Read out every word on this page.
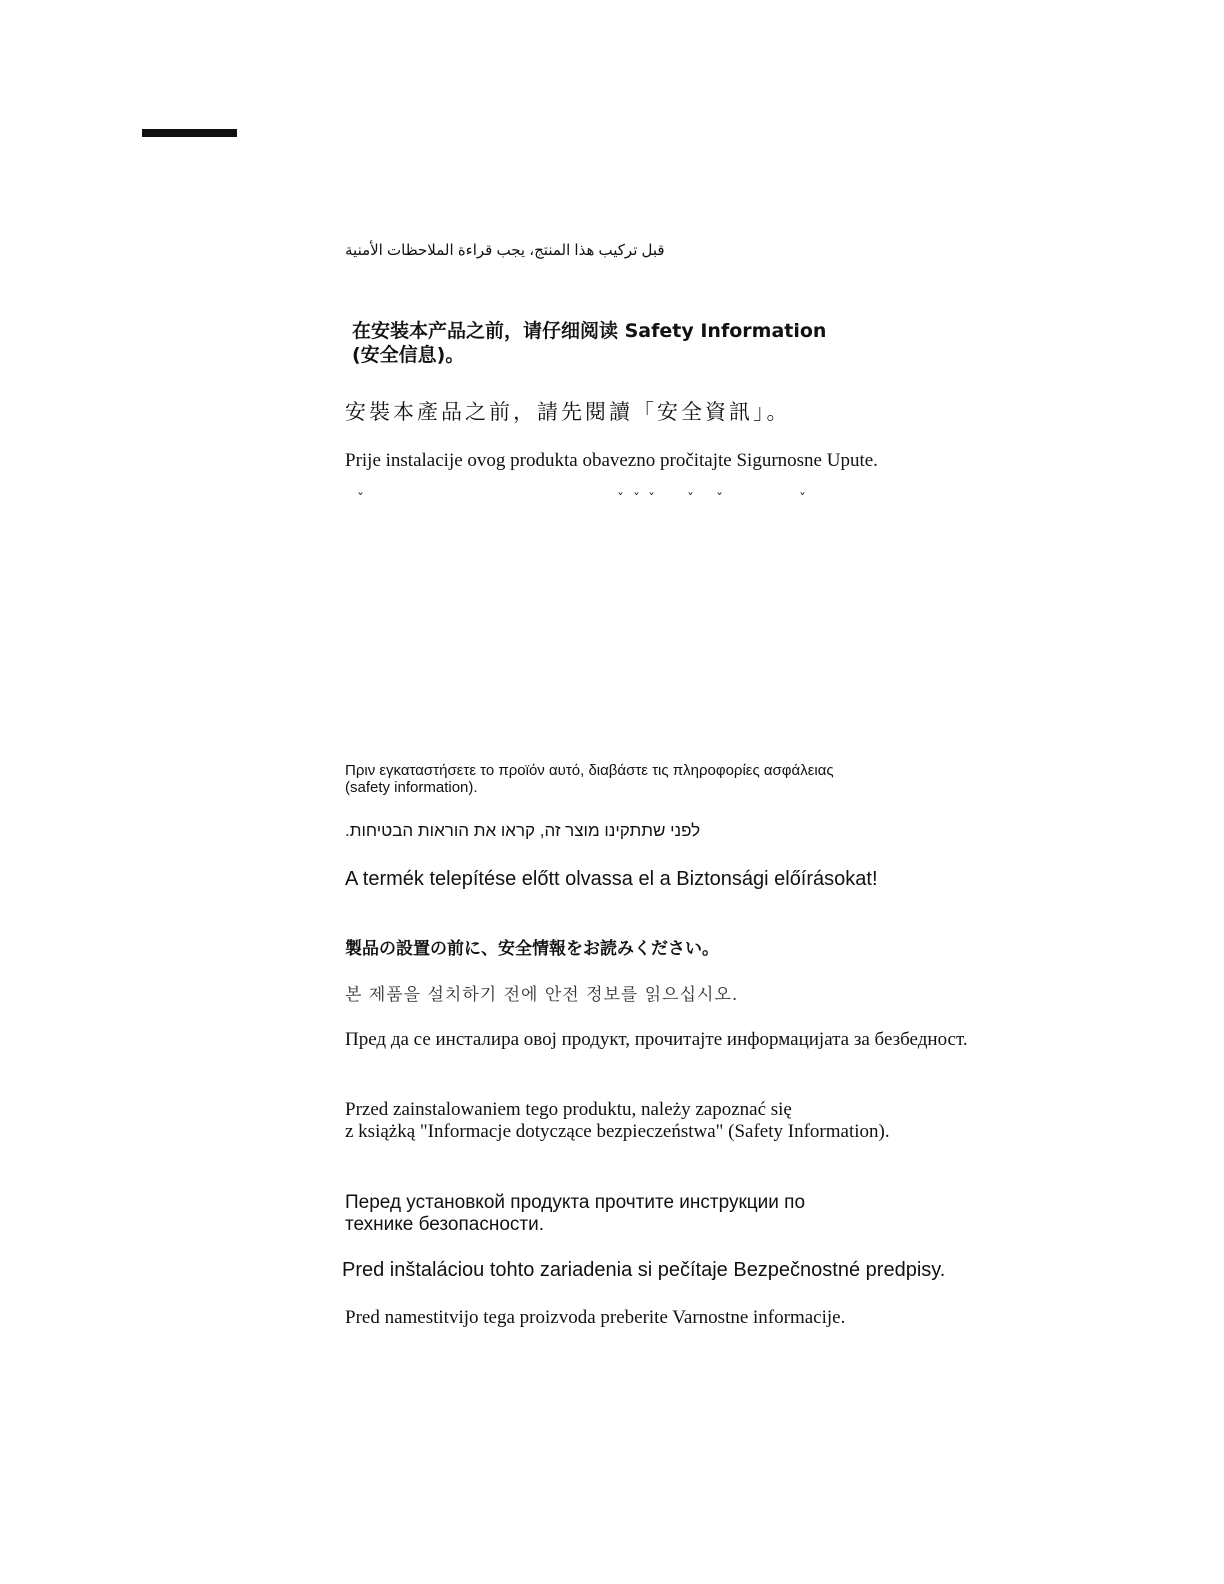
قبل تركيب هذا المنتج، يجب قراءة الملاحظات الأمنية
在安装本产品之前，请仔细阅读 Safety Information
(安全信息)。
安裝本產品之前，請先閱讀「安全資訊」。
Prije instalacije ovog produkta obavezno pročitajte Sigurnosne Upute.
ˇ	ˇ ˇ ˇ ˇ ˇ	ˇ
Πριν εγκαταστήσετε το προϊόν αυτό, διαβάστε τις πληροφορίες ασφάλειας
(safety information).
לפני שתתקינו מוצר זה, קראו את הוראות הבטיחות.
A termék telepítése előtt olvassa el a Biztonsági előírásokat!
製品の設置の前に、安全情報をお読みください。
본 제품을 설치하기 전에 안전 정보를 읽으십시오.
Пред да се инсталира овој продукт, прочитајте информацијата за безбедност.
Przed zainstalowaniem tego produktu, należy zapoznać się
z książką "Informacje dotyczące bezpieczeństwa" (Safety Information).
Перед установкой продукта прочтите инструкции по
технике безопасности.
Pred inštaláciou tohto zariadenia si pečítaje Bezpečnostné predpisy.
Pred namestitvijo tega proizvoda preberite Varnostne informacije.
